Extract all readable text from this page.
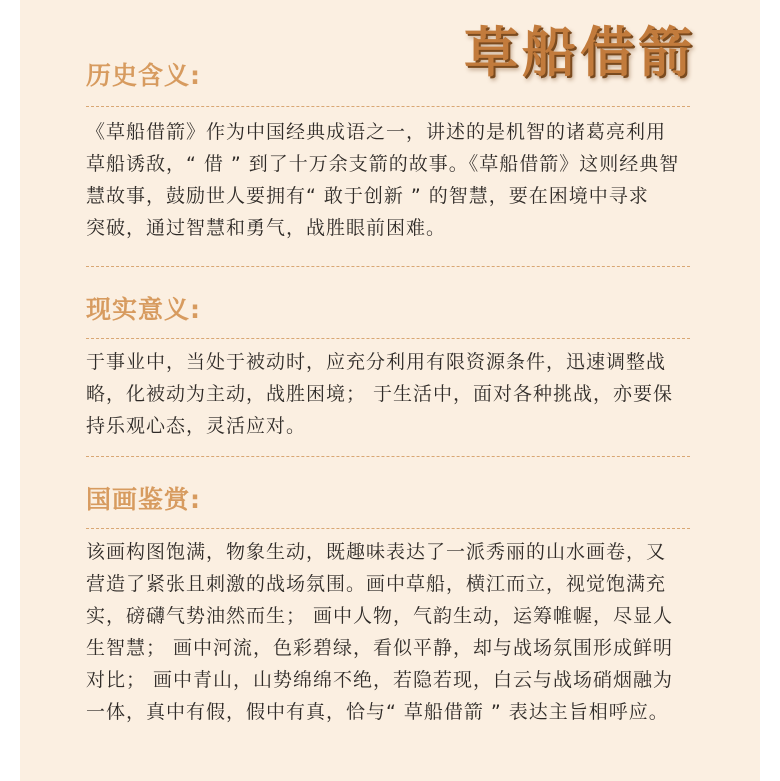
草船借箭
历史含义:
《草船借箭》作为中国经典成语之一，讲述的是机智的诸葛亮利用
草船诱敌，“ 借 ” 到了十万余支箭的故事。《草船借箭》这则经典智
慧故事，鼓励世人要拥有“ 敢于创新 ” 的智慧，要在困境中寻求
突破，通过智慧和勇气，战胜眼前困难。
现实意义:
于事业中，当处于被动时，应充分利用有限资源条件，迅速调整战
略，化被动为主动，战胜困境； 于生活中，面对各种挑战，亦要保
持乐观心态，灵活应对。
国画鉴赏:
该画构图饱满，物象生动，既趣味表达了一派秀丽的山水画卷，又
营造了紧张且刺激的战场氛围。画中草船，横江而立，视觉饱满充
实，磅礴气势油然而生； 画中人物，气韵生动，运筹帷幄，尽显人
生智慧； 画中河流，色彩碧绿，看似平静，却与战场氛围形成鲜明
对比； 画中青山，山势绵绵不绝，若隐若现，白云与战场硝烟融为
一体，真中有假，假中有真，恰与“ 草船借箭 ” 表达主旨相呼应。
